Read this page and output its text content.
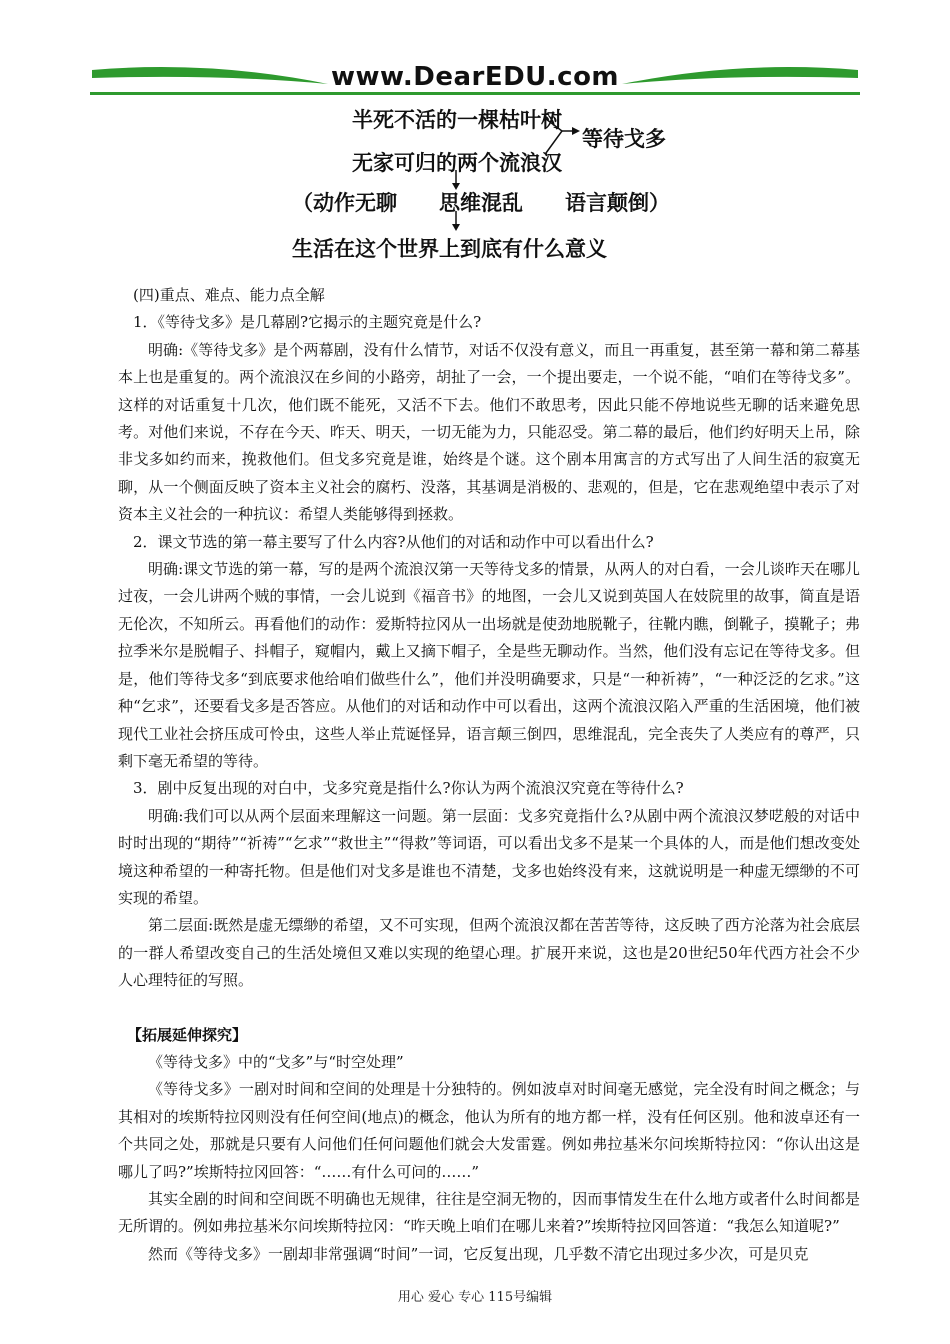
www.DearEDU.com
半死不活的一棵枯叶树
无家可归的两个流浪汉
等待戈多
（动作无聊　　思维混乱　　语言颠倒）
生活在这个世界上到底有什么意义

(四)重点、难点、能力点全解

1．《等待戈多》是几幕剧?它揭示的主题究竟是什么?

明确:《等待戈多》是个两幕剧，没有什么情节，对话不仅没有意义，而且一再重复，甚至第一幕和第二幕基本上也是重复的。两个流浪汉在乡间的小路旁，胡扯了一会，一个提出要走，一个说不能，“咱们在等待戈多”。这样的对话重复十几次，他们既不能死，又活不下去。他们不敢思考，因此只能不停地说些无聊的话来避免思考。对他们来说，不存在今天、昨天、明天，一切无能为力，只能忍受。第二幕的最后，他们约好明天上吊，除非戈多如约而来，挽救他们。但戈多究竟是谁，始终是个谜。这个剧本用寓言的方式写出了人间生活的寂寞无聊，从一个侧面反映了资本主义社会的腐朽、没落，其基调是消极的、悲观的，但是，它在悲观绝望中表示了对资本主义社会的一种抗议：希望人类能够得到拯救。

2．课文节选的第一幕主要写了什么内容?从他们的对话和动作中可以看出什么?

明确:课文节选的第一幕，写的是两个流浪汉第一天等待戈多的情景，从两人的对白看，一会儿谈昨天在哪儿过夜，一会儿讲两个贼的事情，一会儿说到《福音书》的地图，一会儿又说到英国人在妓院里的故事，简直是语无伦次，不知所云。再看他们的动作：爱斯特拉冈从一出场就是使劲地脱靴子，往靴内瞧，倒靴子，摸靴子；弗拉季米尔是脱帽子、抖帽子，窥帽内，戴上又摘下帽子，全是些无聊动作。当然，他们没有忘记在等待戈多。但是，他们等待戈多“到底要求他给咱们做些什么”，他们并没明确要求，只是“一种祈祷”，“一种泛泛的乞求。”这种“乞求”，还要看戈多是否答应。从他们的对话和动作中可以看出，这两个流浪汉陷入严重的生活困境，他们被现代工业社会挤压成可怜虫，这些人举止荒诞怪异，语言颠三倒四，思维混乱，完全丧失了人类应有的尊严，只剩下毫无希望的等待。

3．剧中反复出现的对白中，戈多究竟是指什么?你认为两个流浪汉究竟在等待什么?

明确:我们可以从两个层面来理解这一问题。第一层面：戈多究竟指什么?从剧中两个流浪汉梦呓般的对话中时时出现的“期待”“祈祷”“乞求”“救世主”“得救”等词语，可以看出戈多不是某一个具体的人，而是他们想改变处境这种希望的一种寄托物。但是他们对戈多是谁也不清楚，戈多也始终没有来，这就说明是一种虚无缥缈的不可实现的希望。

第二层面:既然是虚无缥缈的希望，又不可实现，但两个流浪汉都在苦苦等待，这反映了西方沦落为社会底层的一群人希望改变自己的生活处境但又难以实现的绝望心理。扩展开来说，这也是20世纪50年代西方社会不少人心理特征的写照。

【拓展延伸探究】

《等待戈多》中的“戈多”与“时空处理”

《等待戈多》一剧对时间和空间的处理是十分独特的。例如波卓对时间毫无感觉，完全没有时间之概念；与其相对的埃斯特拉冈则没有任何空间(地点)的概念，他认为所有的地方都一样，没有任何区别。他和波卓还有一个共同之处，那就是只要有人问他们任何问题他们就会大发雷霆。例如弗拉基米尔问埃斯特拉冈：“你认出这是哪儿了吗?”埃斯特拉冈回答：“……有什么可问的……”

其实全剧的时间和空间既不明确也无规律，往往是空洞无物的，因而事情发生在什么地方或者什么时间都是无所谓的。例如弗拉基米尔问埃斯特拉冈：“昨天晚上咱们在哪儿来着?”埃斯特拉冈回答道：“我怎么知道呢?”

然而《等待戈多》一剧却非常强调“时间”一词，它反复出现，几乎数不清它出现过多少次，可是贝克

用心 爱心 专心 115号编辑
